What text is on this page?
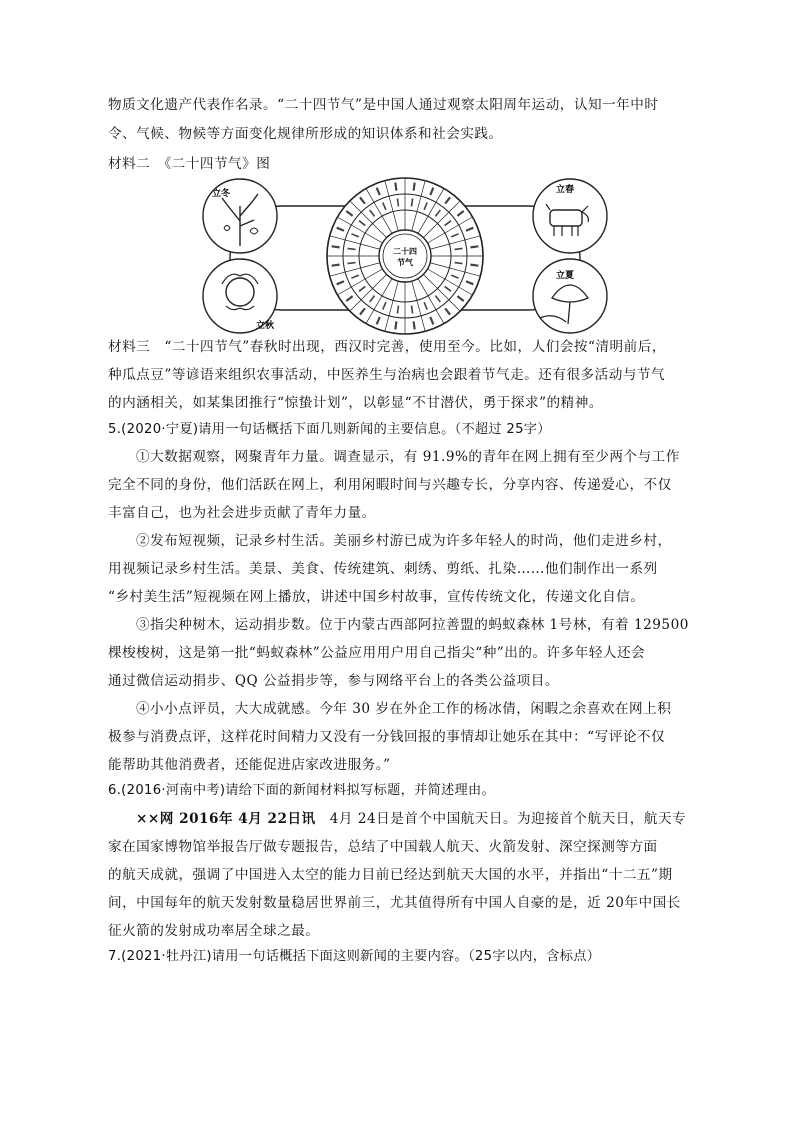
物质文化遗产代表作名录。“二十四节气”是中国人通过观察太阳周年运动，认知一年中时
令、气候、物候等方面变化规律所形成的知识体系和社会实践。
材料二　《二十四节气》图
材料三　“二十四节气”春秋时出现，西汉时完善，使用至今。比如，人们会按“清明前后，
种瓜点豆”等谚语来组织农事活动，中医养生与治病也会跟着节气走。还有很多活动与节气
的内涵相关，如某集团推行“惊蛰计划”，以彰显“不甘潜伏，勇于探求”的精神。
5.(2020·宁夏)请用一句话概括下面几则新闻的主要信息。（不超过 25字）
①大数据观察，网聚青年力量。调查显示，有 91.9%的青年在网上拥有至少两个与工作
完全不同的身份，他们活跃在网上，利用闲暇时间与兴趣专长，分享内容、传递爱心，不仅
丰富自己，也为社会进步贡献了青年力量。
②发布短视频，记录乡村生活。美丽乡村游已成为许多年轻人的时尚，他们走进乡村，
用视频记录乡村生活。美景、美食、传统建筑、刺绣、剪纸、扎染……他们制作出一系列
“乡村美生活”短视频在网上播放，讲述中国乡村故事，宣传传统文化，传递文化自信。
③指尖种树木，运动捐步数。位于内蒙古西部阿拉善盟的蚂蚁森林 1号林，有着 129500
棵梭梭树，这是第一批“蚂蚁森林”公益应用用户用自己指尖“种”出的。许多年轻人还会
通过微信运动捐步、QQ 公益捐步等，参与网络平台上的各类公益项目。
④小小点评员，大大成就感。今年 30 岁在外企工作的杨冰倩，闲暇之余喜欢在网上积
极参与消费点评，这样花时间精力又没有一分钱回报的事情却让她乐在其中：“写评论不仅
能帮助其他消费者，还能促进店家改进服务。”
6.(2016·河南中考)请给下面的新闻材料拟写标题，并简述理由。
××网 2016年 4月 22日讯　4月 24日是首个中国航天日。为迎接首个航天日，航天专
家在国家博物馆举报告厅做专题报告，总结了中国载人航天、火箭发射、深空探测等方面
的航天成就，强调了中国进入太空的能力目前已经达到航天大国的水平，并指出“十二五”期
间，中国每年的航天发射数量稳居世界前三，尤其值得所有中国人自豪的是，近 20年中国长
征火箭的发射成功率居全球之最。
7.(2021·牡丹江)请用一句话概括下面这则新闻的主要内容。（25字以内，含标点）
立冬
立秋
立春
立夏
二十四
节气
